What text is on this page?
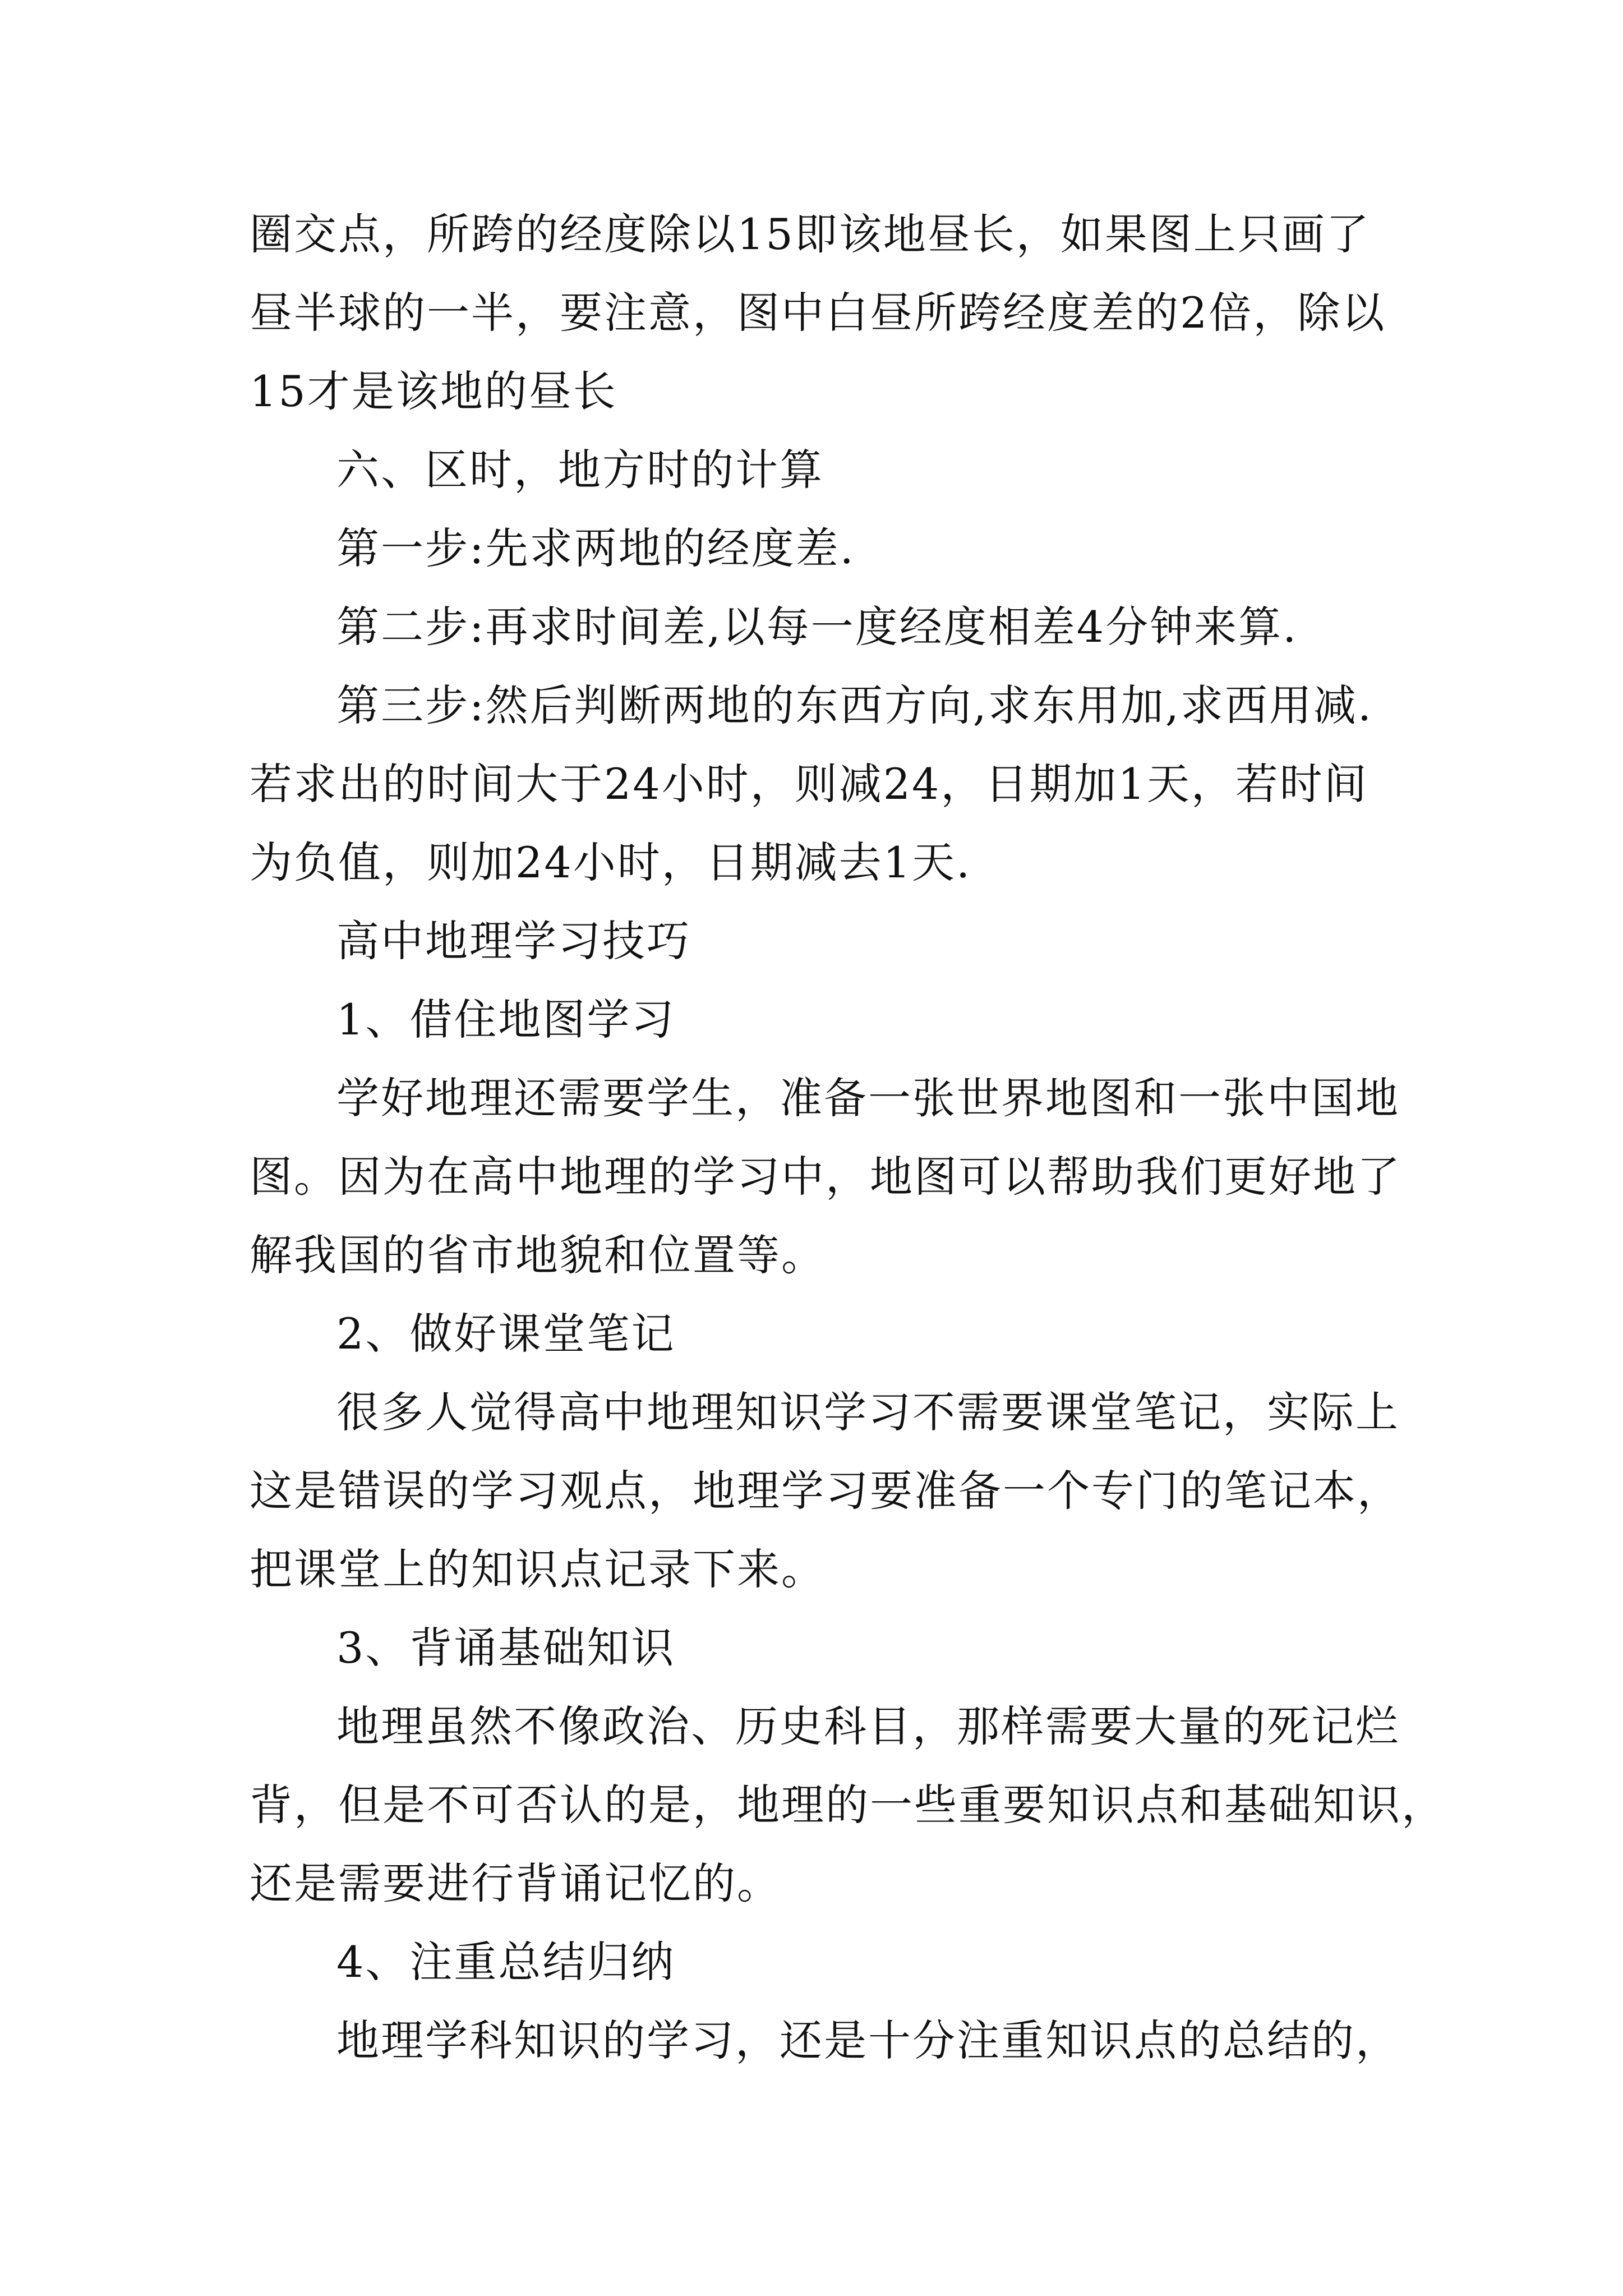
圈交点，所跨的经度除以15即该地昼长，如果图上只画了
昼半球的一半，要注意，图中白昼所跨经度差的2倍，除以
15才是该地的昼长
六、区时，地方时的计算
第一步:先求两地的经度差.
第二步:再求时间差,以每一度经度相差4分钟来算.
第三步:然后判断两地的东西方向,求东用加,求西用减.
若求出的时间大于24小时，则减24，日期加1天，若时间
为负值，则加24小时，日期减去1天.
高中地理学习技巧
1、借住地图学习
学好地理还需要学生，准备一张世界地图和一张中国地
图。因为在高中地理的学习中，地图可以帮助我们更好地了
解我国的省市地貌和位置等。
2、做好课堂笔记
很多人觉得高中地理知识学习不需要课堂笔记，实际上
这是错误的学习观点，地理学习要准备一个专门的笔记本，
把课堂上的知识点记录下来。
3、背诵基础知识
地理虽然不像政治、历史科目，那样需要大量的死记烂
背，但是不可否认的是，地理的一些重要知识点和基础知识，
还是需要进行背诵记忆的。
4、注重总结归纳
地理学科知识的学习，还是十分注重知识点的总结的，
